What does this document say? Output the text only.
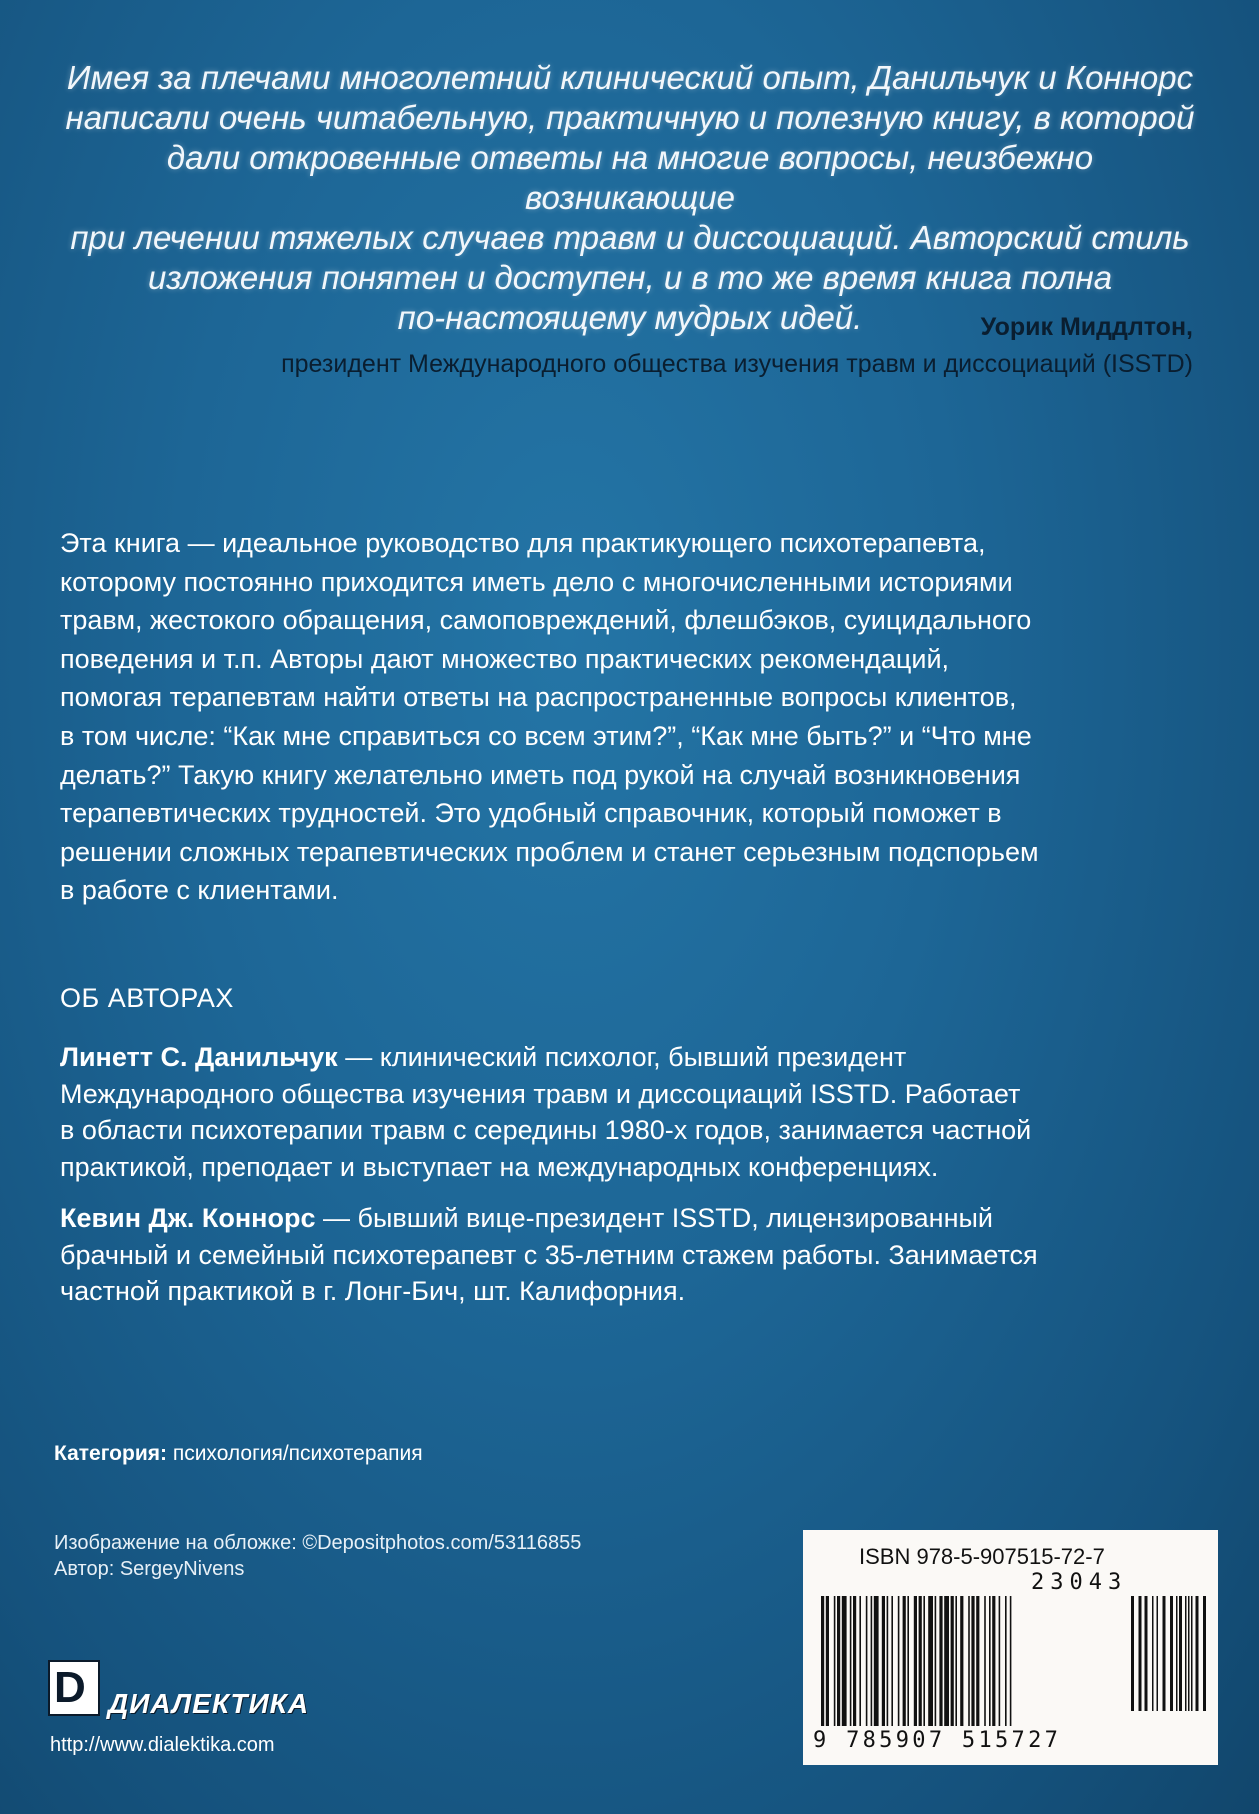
Имея за плечами многолетний клинический опыт, Данильчук и Коннорс
написали очень читабельную, практичную и полезную книгу, в которой
дали откровенные ответы на многие вопросы, неизбежно возникающие
при лечении тяжелых случаев травм и диссоциаций. Авторский стиль
изложения понятен и доступен, и в то же время книга полна
по-настоящему мудрых идей.	Уорик Миддлтон,
президент Международного общества изучения травм и диссоциаций (ISSTD)
Эта книга — идеальное руководство для практикующего психотерапевта,
которому постоянно приходится иметь дело с многочисленными историями
травм, жестокого обращения, самоповреждений, флешбэков, суицидального
поведения и т.п. Авторы дают множество практических рекомендаций,
помогая терапевтам найти ответы на распространенные вопросы клиентов,
в том числе: “Как мне справиться со всем этим?”, “Как мне быть?” и “Что мне
делать?” Такую книгу желательно иметь под рукой на случай возникновения
терапевтических трудностей. Это удобный справочник, который поможет в
решении сложных терапевтических проблем и станет серьезным подспорьем
в работе с клиентами.
ОБ АВТОРАХ
Линетт С. Данильчук — клинический психолог, бывший президент
Международного общества изучения травм и диссоциаций ISSTD. Работает
в области психотерапии травм с середины 1980-х годов, занимается частной
практикой, преподает и выступает на международных конференциях.
Кевин Дж. Коннорс — бывший вице-президент ISSTD, лицензированный
брачный и семейный психотерапевт с 35-летним стажем работы. Занимается
частной практикой в г. Лонг-Бич, шт. Калифорния.
Категория: психология/психотерапия
Изображение на обложке: ©Depositphotos.com/53116855
Автор: SergeyNivens
D ДИАЛЕКТИКА
http://www.dialektika.com
ISBN 978-5-907515-72-7
23043
9 785907 515727
